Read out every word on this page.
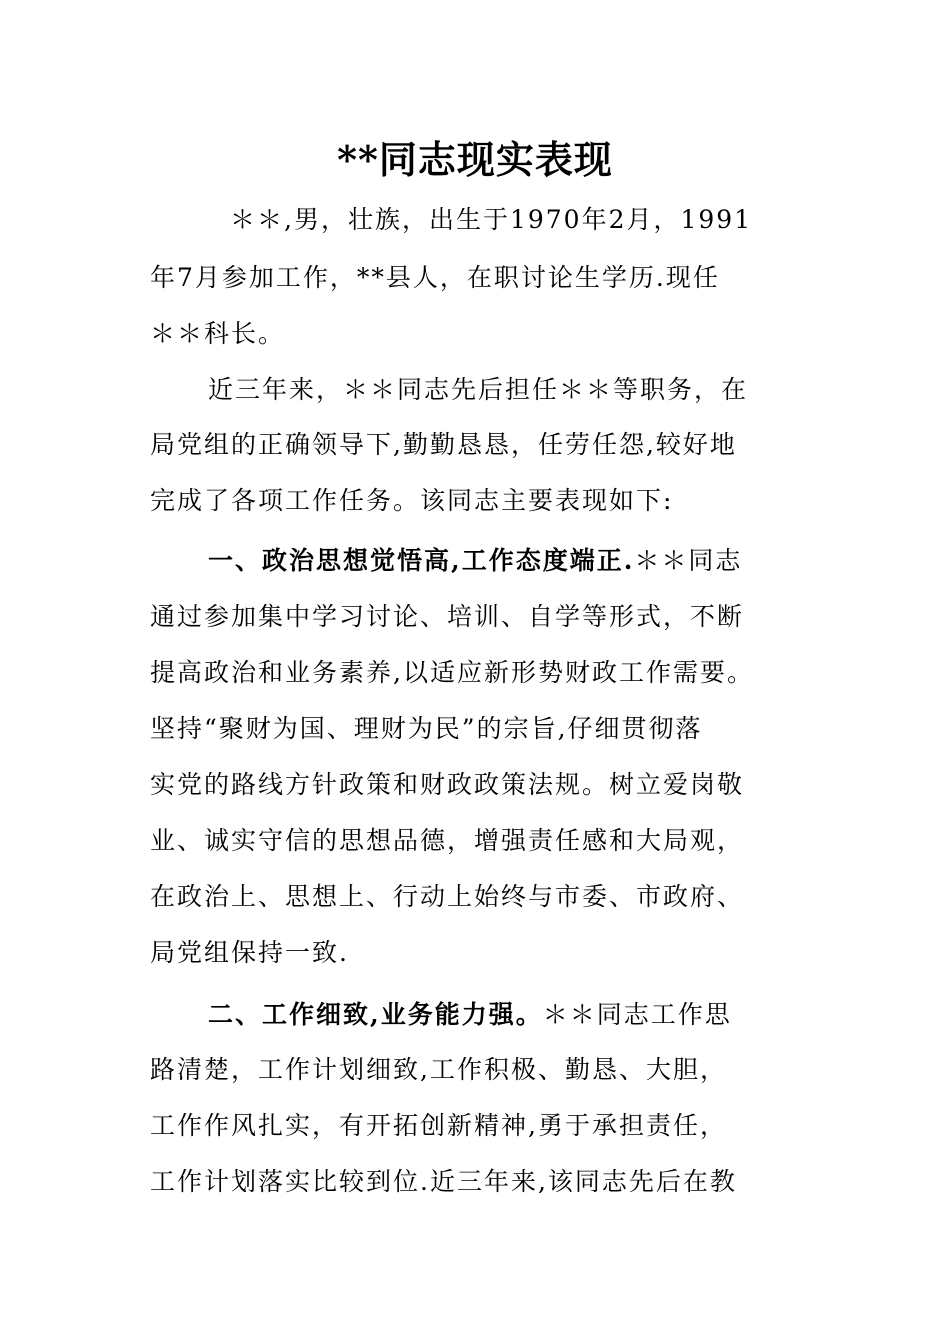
**同志现实表现
＊＊,男，壮族，出生于1970年2月，1991
年7月参加工作，**县人，在职讨论生学历.现任
＊＊科长。
近三年来，＊＊同志先后担任＊＊等职务，在
局党组的正确领导下,勤勤恳恳，任劳任怨,较好地
完成了各项工作任务。该同志主要表现如下:
一、政治思想觉悟高,工作态度端正.＊＊同志
通过参加集中学习讨论、培训、自学等形式，不断
提高政治和业务素养,以适应新形势财政工作需要。
坚持“聚财为国、理财为民”的宗旨,仔细贯彻落
实党的路线方针政策和财政政策法规。树立爱岗敬
业、诚实守信的思想品德，增强责任感和大局观，
在政治上、思想上、行动上始终与市委、市政府、
局党组保持一致.
二、工作细致,业务能力强。＊＊同志工作思
路清楚，工作计划细致,工作积极、勤恳、大胆，
工作作风扎实，有开拓创新精神,勇于承担责任，
工作计划落实比较到位.近三年来,该同志先后在教
